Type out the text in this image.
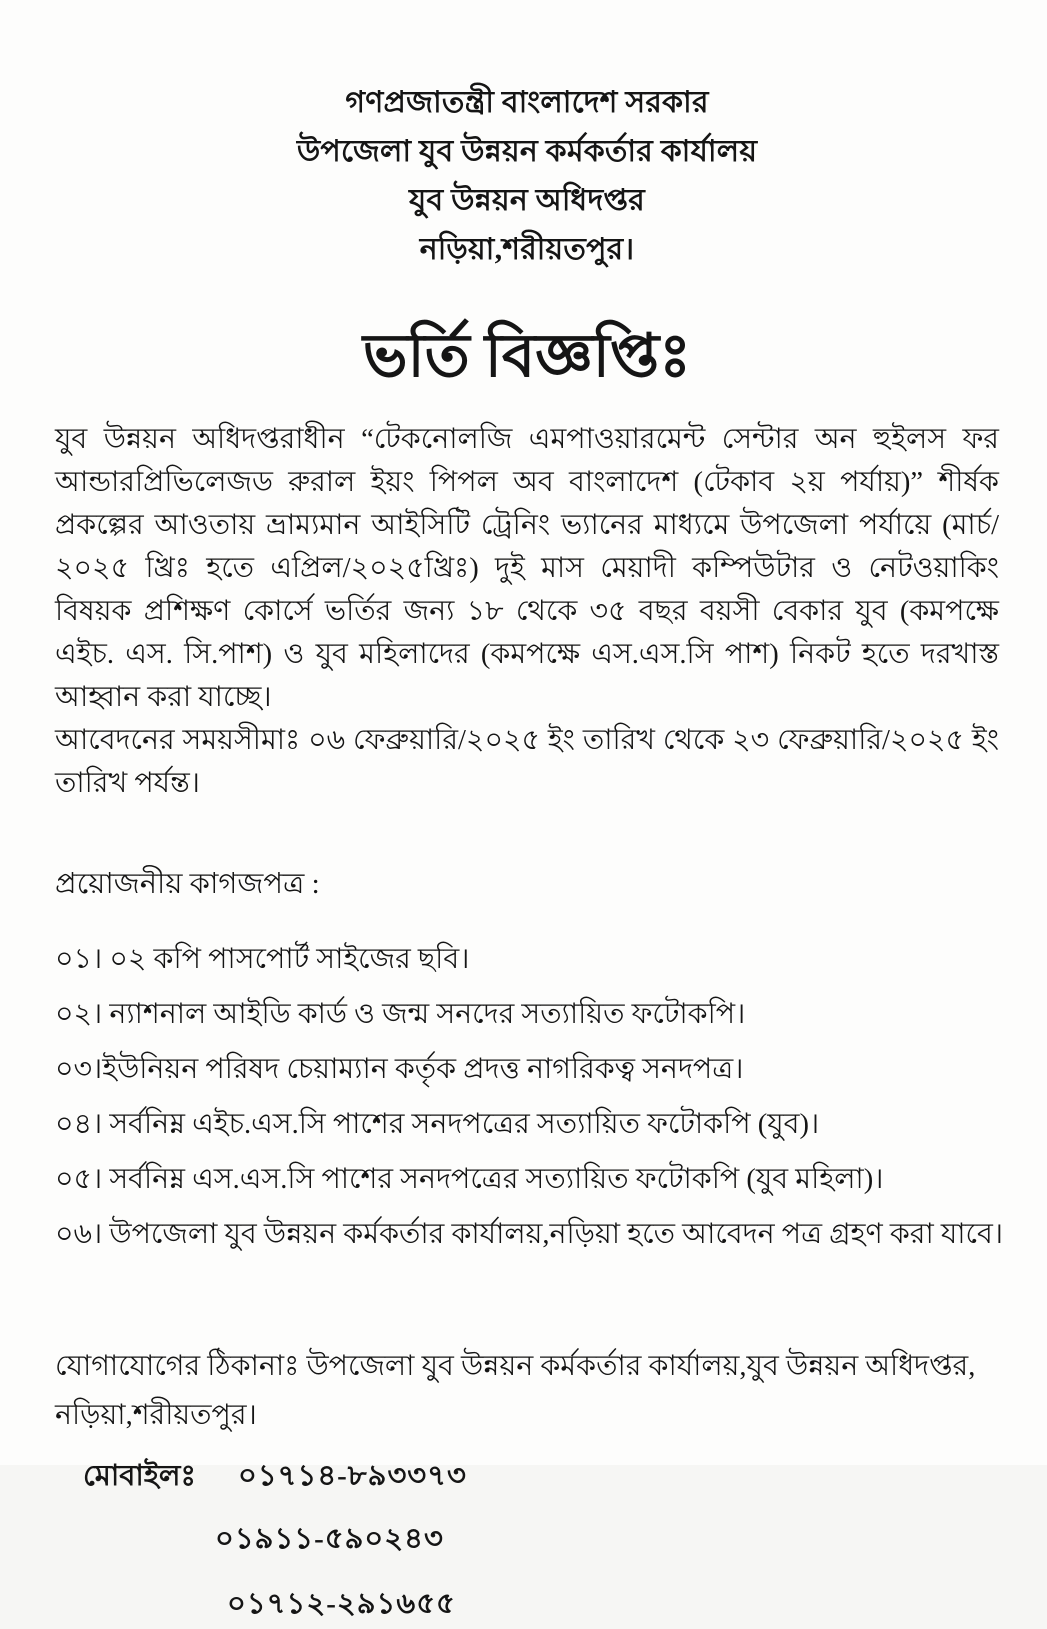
গণপ্রজাতন্ত্রী বাংলাদেশ সরকার
উপজেলা যুব উন্নয়ন কর্মকর্তার কার্যালয়
যুব উন্নয়ন অধিদপ্তর
নড়িয়া,শরীয়তপুর।
ভর্তি বিজ্ঞপ্তিঃ
যুব উন্নয়ন অধিদপ্তরাধীন “টেকনোলজি এমপাওয়ারমেন্ট সেন্টার অন হুইলস ফর আন্ডারপ্রিভিলেজড রুরাল ইয়ং পিপল অব বাংলাদেশ (টেকাব ২য় পর্যায়)” শীর্ষক প্রকল্পের আওতায় ভ্রাম্যমান আইসিটি ট্রেনিং ভ্যানের মাধ্যমে উপজেলা পর্যায়ে (মার্চ/২০২৫ খ্রিঃ হতে এপ্রিল/২০২৫খ্রিঃ) দুই মাস মেয়াদী কম্পিউটার ও নেটওয়াকিং বিষয়ক প্রশিক্ষণ কোর্সে ভর্তির জন্য ১৮ থেকে ৩৫ বছর বয়সী বেকার যুব (কমপক্ষে এইচ. এস. সি.পাশ) ও যুব মহিলাদের (কমপক্ষে এস.এস.সি পাশ) নিকট হতে দরখাস্ত আহ্বান করা যাচ্ছে।
আবেদনের সময়সীমাঃ ০৬ ফেব্রুয়ারি/২০২৫ ইং তারিখ থেকে ২৩ ফেব্রুয়ারি/২০২৫ ইং তারিখ পর্যন্ত।
প্রয়োজনীয় কাগজপত্র :
০১। ০২ কপি পাসপোর্ট সাইজের ছবি।
০২। ন্যাশনাল আইডি কার্ড ও জন্ম সনদের সত্যায়িত ফটোকপি।
০৩।ইউনিয়ন পরিষদ চেয়াম্যান কর্তৃক প্রদত্ত নাগরিকত্ব সনদপত্র।
০৪। সর্বনিম্ন এইচ.এস.সি পাশের সনদপত্রের সত্যায়িত ফটোকপি (যুব)।
০৫। সর্বনিম্ন এস.এস.সি পাশের সনদপত্রের সত্যায়িত ফটোকপি (যুব মহিলা)।
০৬। উপজেলা যুব উন্নয়ন কর্মকর্তার কার্যালয়,নড়িয়া হতে আবেদন পত্র গ্রহণ করা যাবে।
যোগাযোগের ঠিকানাঃ উপজেলা যুব উন্নয়ন কর্মকর্তার কার্যালয়,যুব উন্নয়ন অধিদপ্তর,
নড়িয়া,শরীয়তপুর।
মোবাইলঃ ০১৭১৪-৮৯৩৩৭৩
০১৯১১-৫৯০২৪৩
০১৭১২-২৯১৬৫৫
